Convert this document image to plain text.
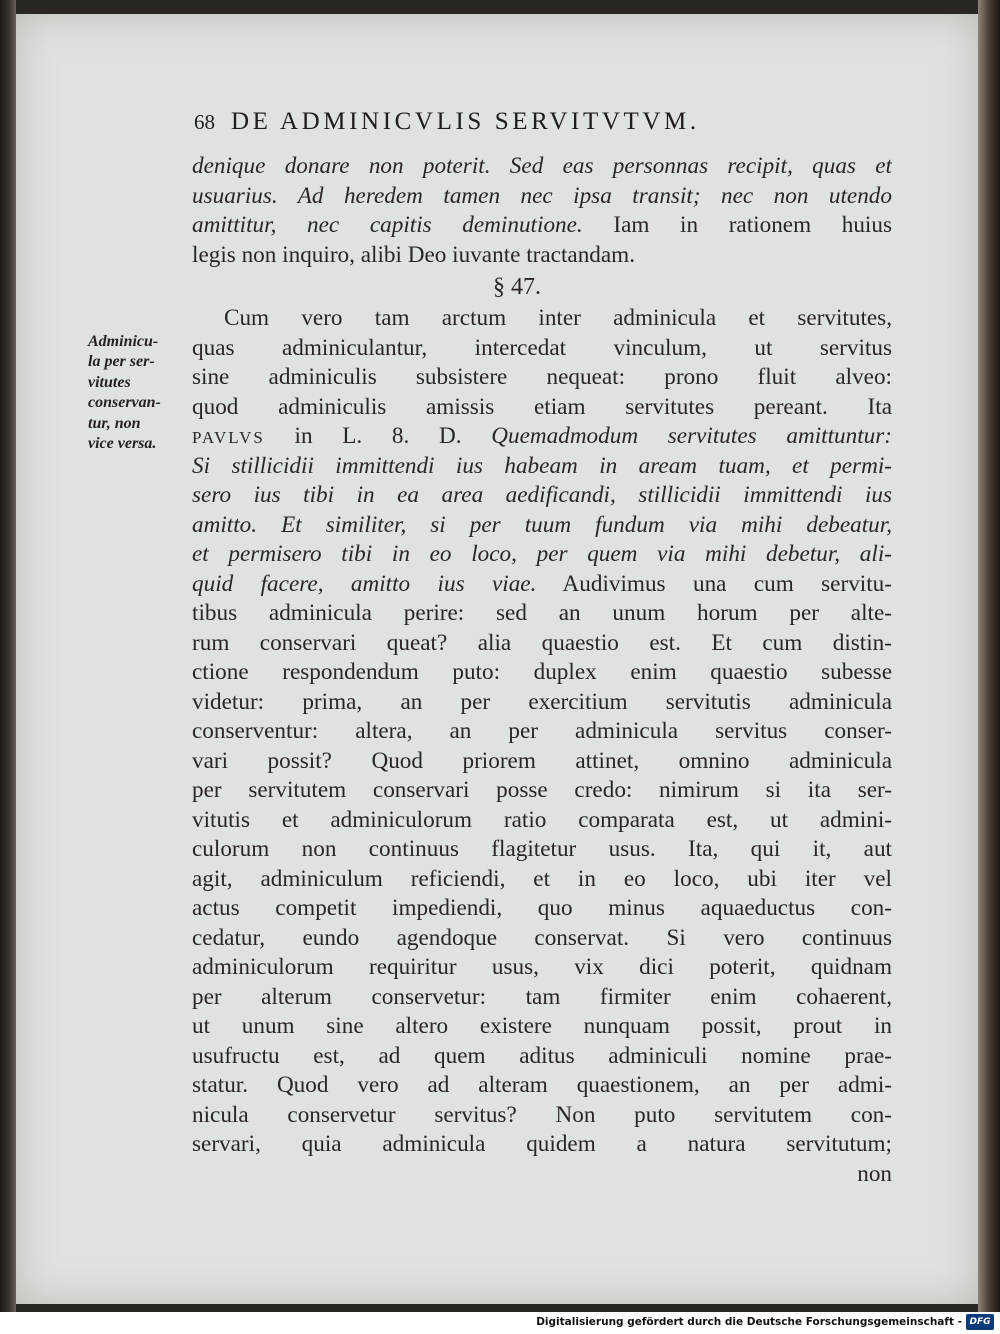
68 DE ADMINICVLIS SERVITVTVM.
Adminicu-
la per ser-
vitutes
conservan-
tur, non
vice versa.
denique donare non poterit. Sed eas personnas recipit, quas et
usuarius. Ad heredem tamen nec ipsa transit; nec non utendo
amittitur, nec capitis deminutione. Iam in rationem huius
legis non inquiro, alibi Deo iuvante tractandam.
§ 47.
Cum vero tam arctum inter adminicula et servitutes,
quas adminiculantur, intercedat vinculum, ut servitus
sine adminiculis subsistere nequeat: prono fluit alveo:
quod adminiculis amissis etiam servitutes pereant. Ita
PAVLVS in L. 8. D. Quemadmodum servitutes amittuntur:
Si stillicidii immittendi ius habeam in aream tuam, et permi-
sero ius tibi in ea area aedificandi, stillicidii immittendi ius
amitto. Et similiter, si per tuum fundum via mihi debeatur,
et permisero tibi in eo loco, per quem via mihi debetur, ali-
quid facere, amitto ius viae. Audivimus una cum servitu-
tibus adminicula perire: sed an unum horum per alte-
rum conservari queat? alia quaestio est. Et cum distin-
ctione respondendum puto: duplex enim quaestio subesse
videtur: prima, an per exercitium servitutis adminicula
conserventur: altera, an per adminicula servitus conser-
vari possit? Quod priorem attinet, omnino adminicula
per servitutem conservari posse credo: nimirum si ita ser-
vitutis et adminiculorum ratio comparata est, ut admini-
culorum non continuus flagitetur usus. Ita, qui it, aut
agit, adminiculum reficiendi, et in eo loco, ubi iter vel
actus competit impediendi, quo minus aquaeductus con-
cedatur, eundo agendoque conservat. Si vero continuus
adminiculorum requiritur usus, vix dici poterit, quidnam
per alterum conservetur: tam firmiter enim cohaerent,
ut unum sine altero existere nunquam possit, prout in
usufructu est, ad quem aditus adminiculi nomine prae-
statur. Quod vero ad alteram quaestionem, an per admi-
nicula conservetur servitus? Non puto servitutem con-
servari, quia adminicula quidem a natura servitutum;
non
Digitalisierung gefördert durch die Deutsche Forschungsgemeinschaft - DFG
